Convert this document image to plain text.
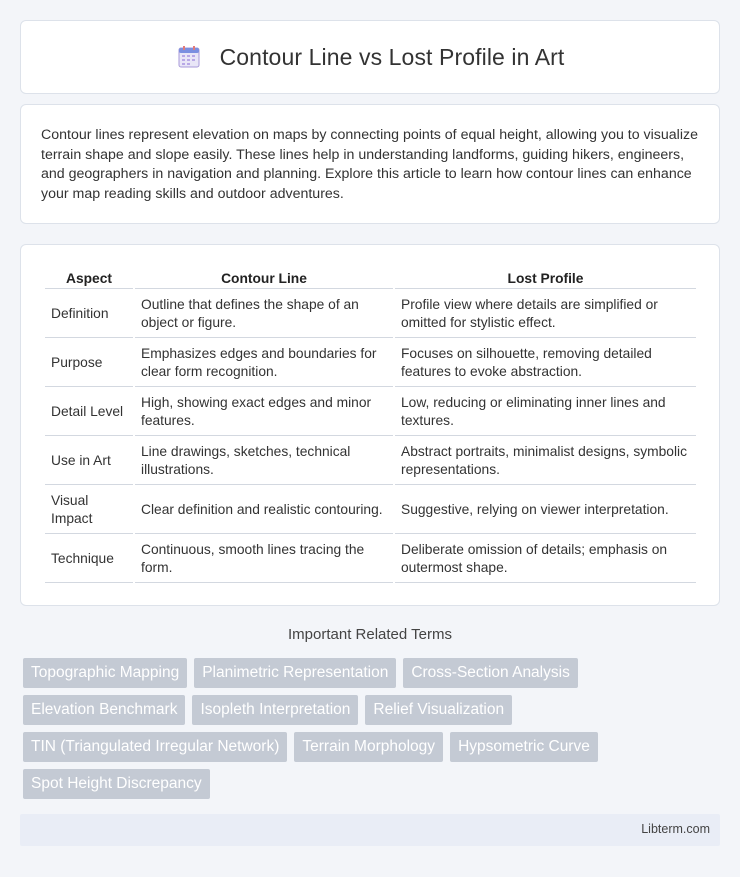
Contour Line vs Lost Profile in Art

Contour lines represent elevation on maps by connecting points of equal height, allowing you to visualize terrain shape and slope easily. These lines help in understanding landforms, guiding hikers, engineers, and geographers in navigation and planning. Explore this article to learn how contour lines can enhance your map reading skills and outdoor adventures.

Aspect	Contour Line	Lost Profile
Definition	Outline that defines the shape of an object or figure.	Profile view where details are simplified or omitted for stylistic effect.
Purpose	Emphasizes edges and boundaries for clear form recognition.	Focuses on silhouette, removing detailed features to evoke abstraction.
Detail Level	High, showing exact edges and minor features.	Low, reducing or eliminating inner lines and textures.
Use in Art	Line drawings, sketches, technical illustrations.	Abstract portraits, minimalist designs, symbolic representations.
Visual Impact	Clear definition and realistic contouring.	Suggestive, relying on viewer interpretation.
Technique	Continuous, smooth lines tracing the form.	Deliberate omission of details; emphasis on outermost shape.
Important Related Terms
Topographic Mapping	Planimetric Representation	Cross-Section Analysis
Elevation Benchmark	Isopleth Interpretation	Relief Visualization
TIN (Triangulated Irregular Network)	Terrain Morphology	Hypsometric Curve
Spot Height Discrepancy
Libterm.com
